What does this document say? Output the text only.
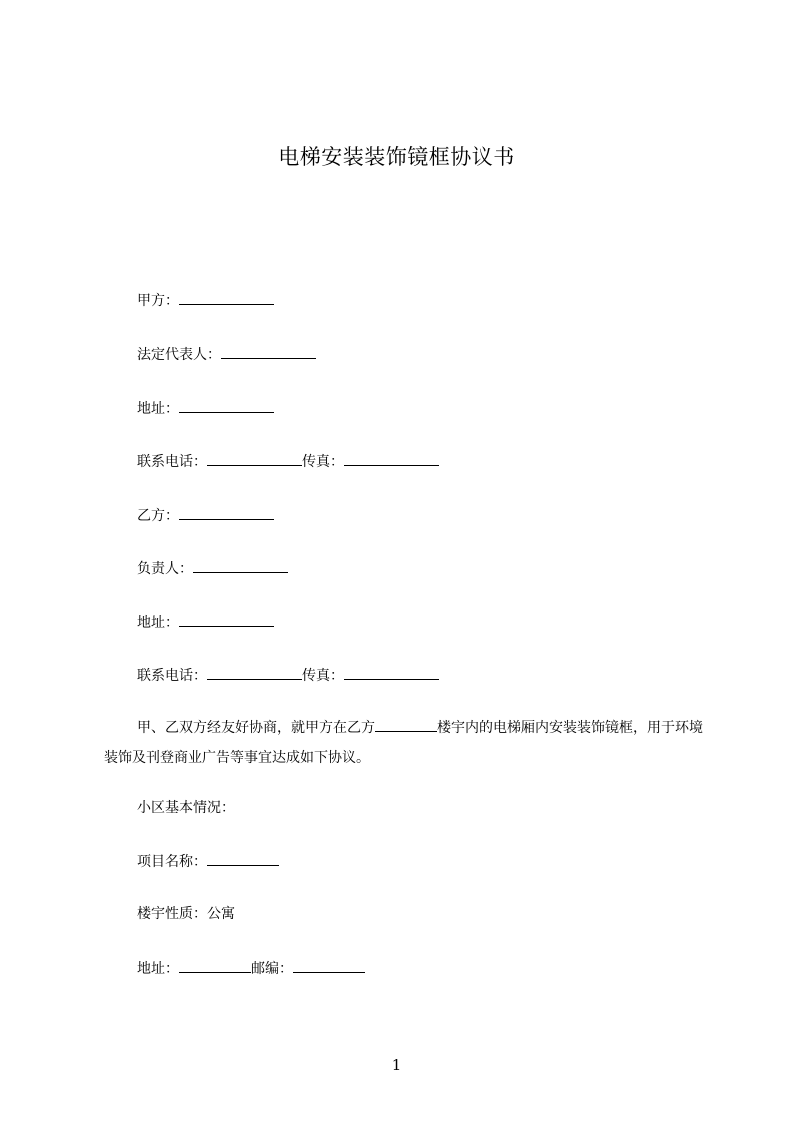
电梯安装装饰镜框协议书
甲方：
法定代表人：
地址：
联系电话：	传真：
乙方：
负责人：
地址：
联系电话：	传真：
甲、乙双方经友好协商，就甲方在乙方	楼宇内的电梯厢内安装装饰镜框，用于环境装饰及刊登商业广告等事宜达成如下协议。
小区基本情况：
项目名称：
楼宇性质：公寓
地址：	邮编：
1
